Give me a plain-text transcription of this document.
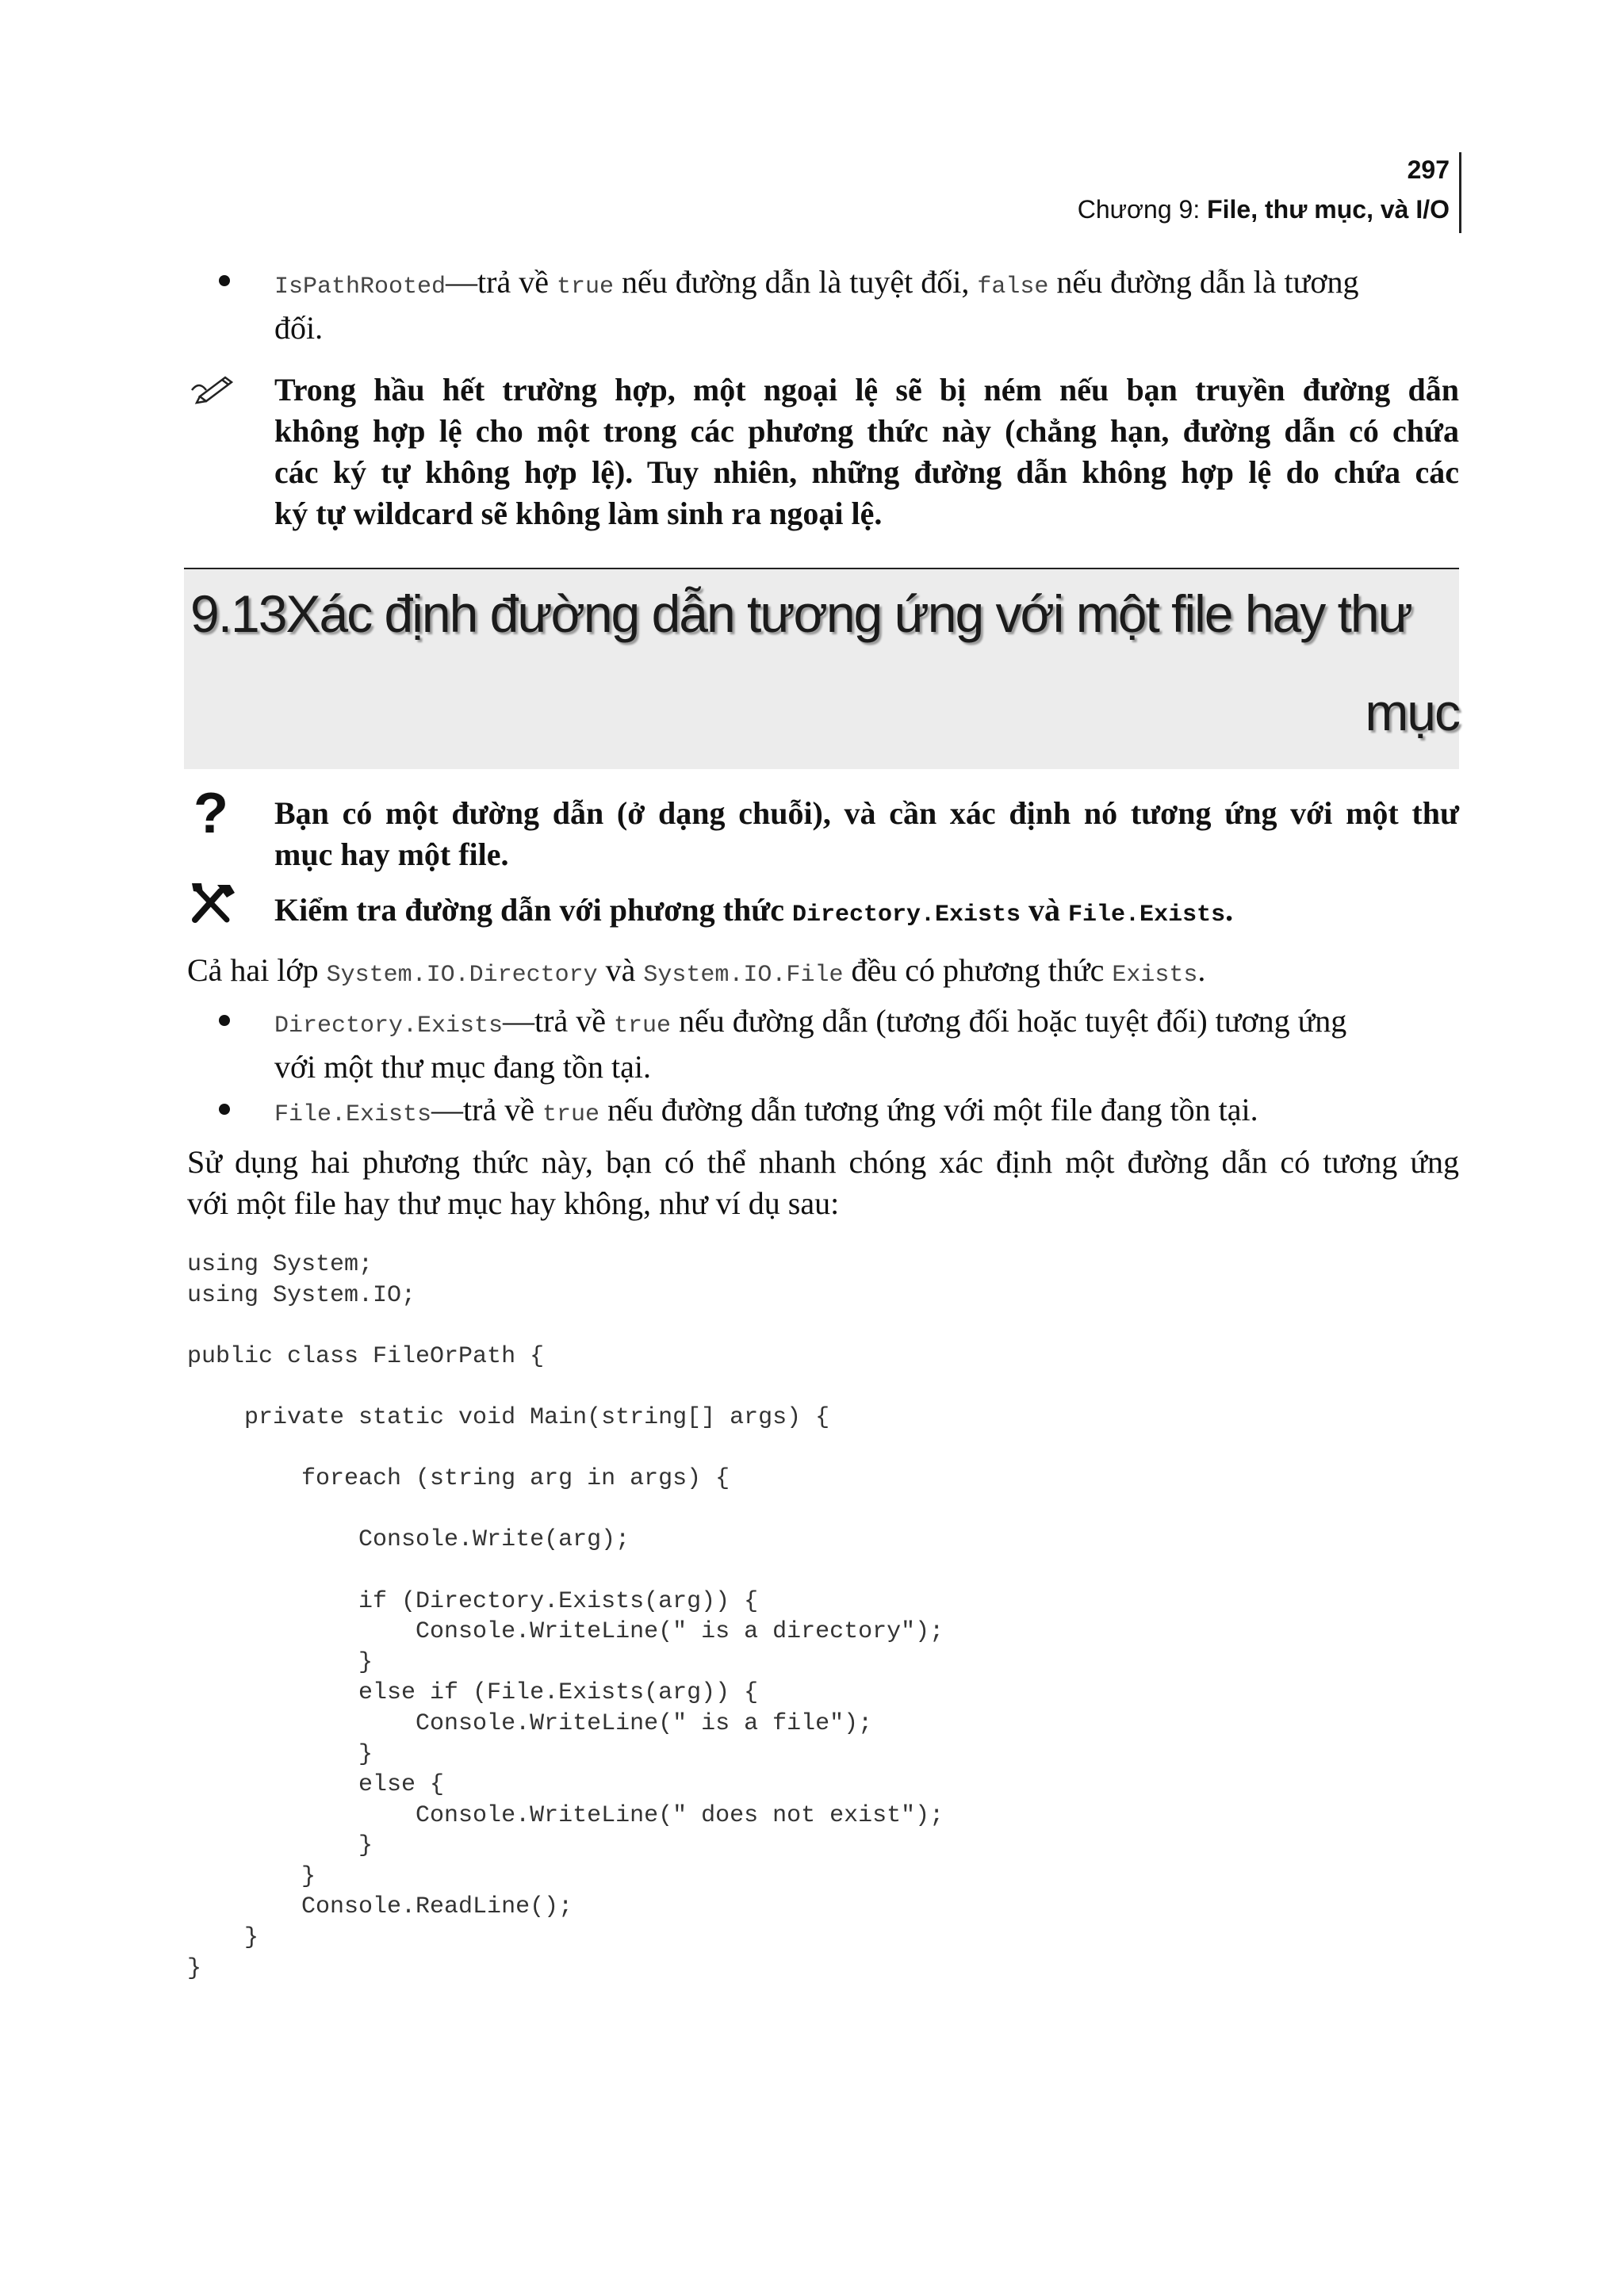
297
Chương 9: File, thư mục, và I/O
IsPathRooted—trả về true nếu đường dẫn là tuyệt đối, false nếu đường dẫn là tương
đối.
Trong hầu hết trường hợp, một ngoại lệ sẽ bị ném nếu bạn truyền đường dẫn
không hợp lệ cho một trong các phương thức này (chẳng hạn, đường dẫn có chứa
các ký tự không hợp lệ). Tuy nhiên, những đường dẫn không hợp lệ do chứa các
ký tự wildcard sẽ không làm sinh ra ngoại lệ.
9.13Xác định đường dẫn tương ứng với một file hay thư
mục
? Bạn có một đường dẫn (ở dạng chuỗi), và cần xác định nó tương ứng với một thư
mục hay một file.
Kiểm tra đường dẫn với phương thức Directory.Exists và File.Exists.
Cả hai lớp System.IO.Directory và System.IO.File đều có phương thức Exists.
Directory.Exists—trả về true nếu đường dẫn (tương đối hoặc tuyệt đối) tương ứng
với một thư mục đang tồn tại.
File.Exists—trả về true nếu đường dẫn tương ứng với một file đang tồn tại.
Sử dụng hai phương thức này, bạn có thể nhanh chóng xác định một đường dẫn có tương ứng
với một file hay thư mục hay không, như ví dụ sau:
using System;
using System.IO;

public class FileOrPath {

private static void Main(string[] args) {

foreach (string arg in args) {

Console.Write(arg);

if (Directory.Exists(arg)) {
Console.WriteLine(" is a directory");
}
else if (File.Exists(arg)) {
Console.WriteLine(" is a file");
}
else {
Console.WriteLine(" does not exist");
}
}
Console.ReadLine();
}
}
